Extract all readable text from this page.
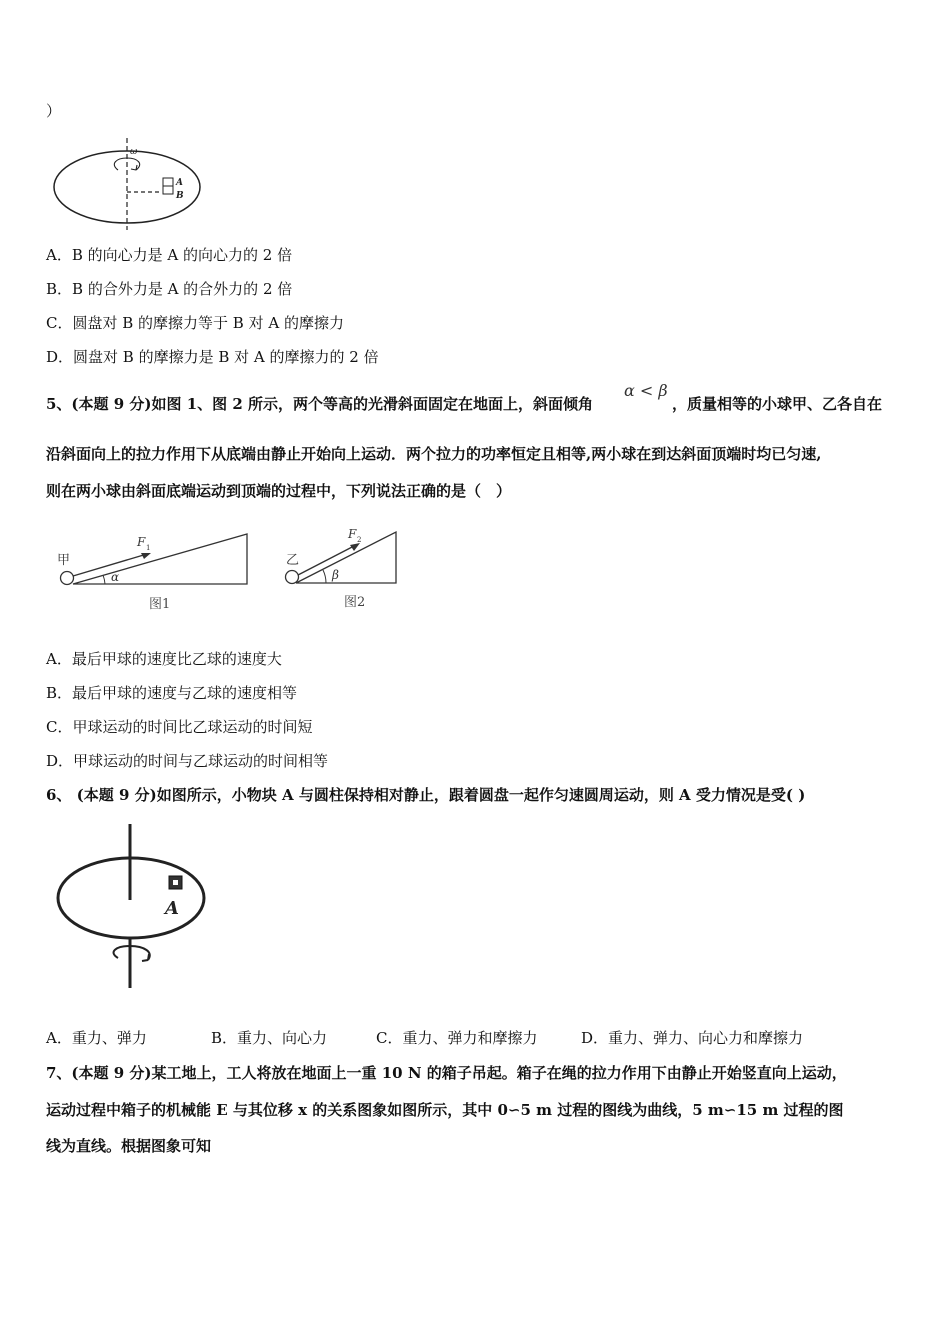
）
ω
A
B
A．B 的向心力是 A 的向心力的 2 倍
B．B 的合外力是 A 的合外力的 2 倍
C．圆盘对 B 的摩擦力等于 B 对 A 的摩擦力
D．圆盘对 B 的摩擦力是 B 对 A 的摩擦力的 2 倍
5、(本题 9 分)如图 1、图 2 所示，两个等高的光滑斜面固定在地面上，斜面倾角
α < β
，质量相等的小球甲、乙各自在
沿斜面向上的拉力作用下从底端由静止开始向上运动．两个拉力的功率恒定且相等,两小球在到达斜面顶端时均已匀速,
则在两小球由斜面底端运动到顶端的过程中，下列说法正确的是（　）
甲
F 1
α
图1
乙
F 2
β
图2
A．最后甲球的速度比乙球的速度大
B．最后甲球的速度与乙球的速度相等
C．甲球运动的时间比乙球运动的时间短
D．甲球运动的时间与乙球运动的时间相等
6、 (本题 9 分)如图所示，小物块 A 与圆柱保持相对静止，跟着圆盘一起作匀速圆周运动，则 A 受力情况是受( )
A
A．重力、弹力	B．重力、向心力	C．重力、弹力和摩擦力	D．重力、弹力、向心力和摩擦力
7、(本题 9 分)某工地上，工人将放在地面上一重 10 N 的箱子吊起。箱子在绳的拉力作用下由静止开始竖直向上运动，
运动过程中箱子的机械能 E 与其位移 x 的关系图象如图所示，其中 0∽5 m 过程的图线为曲线，5 m∽15 m 过程的图
线为直线。根据图象可知
